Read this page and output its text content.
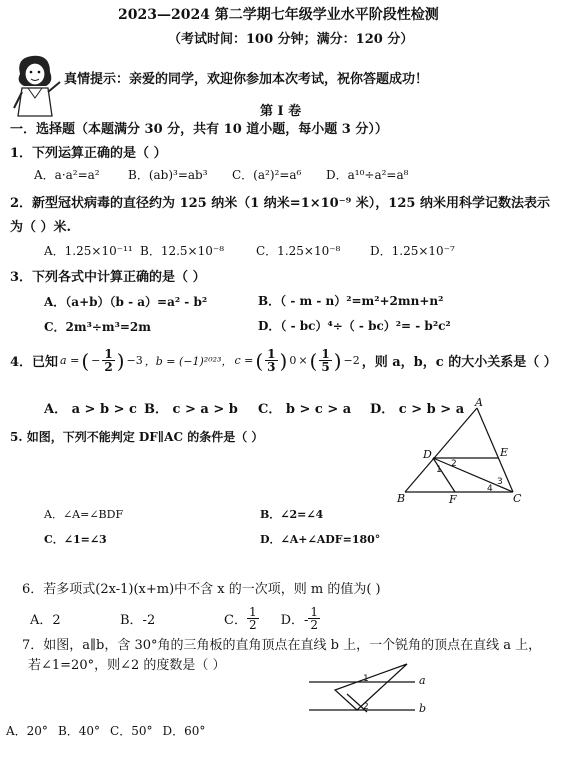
2023—2024 第二学期七年级学业水平阶段性检测
（考试时间：100 分钟；满分：120 分）
真情提示：亲爱的同学，欢迎你参加本次考试，祝你答题成功！
第 I 卷
一．选择题（本题满分 30 分，共有 10 道小题，每小题 3 分））
1．下列运算正确的是（ ）
A．a·a²=a² B．(ab)³=ab³ C．(a²)²=a⁶ D．a¹⁰÷a²=a⁸
2．新型冠状病毒的直径约为 125 纳米（1 纳米=1×10⁻⁹ 米），125 纳米用科学记数法表示
为（ ）米.
A．1.25×10⁻¹¹ B．12.5×10⁻⁸	C．1.25×10⁻⁸ D．1.25×10⁻⁷
3．下列各式中计算正确的是（ ）
A．（a+b）（b - a）=a² - b²	B．（ - m - n）²=m²+2mn+n²
C．2m³÷m³=2m	D．（ - bc）⁴÷（ - bc）²= - b²c²
4．已知 a = ( − $\frac{1}{2}$ ) −3 ，b = (−1)²⁰²³， c = ( $\frac{1}{3}$ ) 0 × ( $\frac{1}{5}$ ) −2 ，则 a，b，c 的大小关系是（ ）
A． a > b > c B． c > a > b C． b > c > a D． c > b > a
5. 如图，下列不能判定 DF∥AC 的条件是（ ）
A
B	C
D	E
F
1
2
3
4
A．∠A=∠BDF	B．∠2=∠4
C．∠1=∠3	D．∠A+∠ADF=180°
6．若多项式(2x-1)(x+m)中不含 x 的一次项，则 m 的值为( )
A．2	B．-2	C． $\frac{1}{2}$ D．- $\frac{1}{2}$
7．如图，a∥b，含 30°角的三角板的直角顶点在直线 b 上，一个锐角的顶点在直线 a 上，
若∠1=20°，则∠2 的度数是（ ）
a
b
1
2
A．20° B．40° C．50° D．60°
